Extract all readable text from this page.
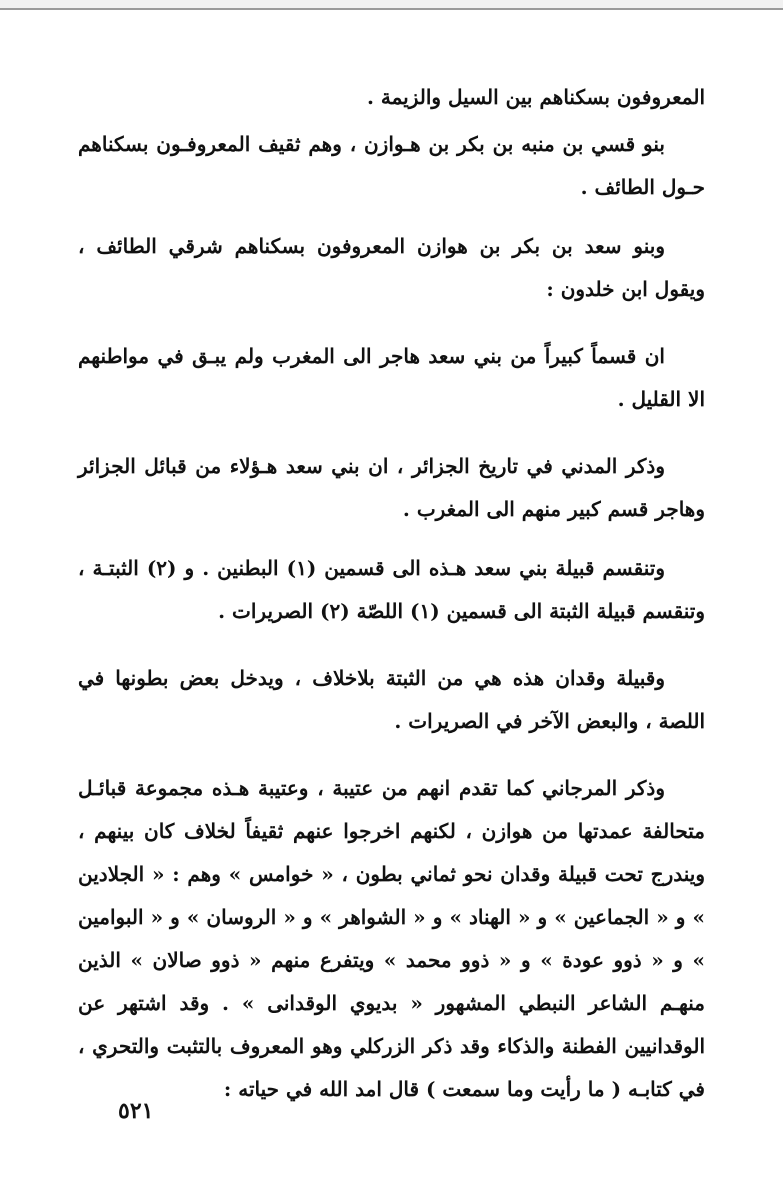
المعروفون بسكناهم بين السيل والزيمة .

بنو قسي بن منبه بن بكر بن هـوازن ، وهم ثقيف المعروفـون بسكناهم حـول الطائف .

وبنو سعد بن بكر بن هوازن المعروفون بسكناهم شرقي الطائف ، ويقول ابن خلدون :

ان قسماً كبيراً من بني سعد هاجر الى المغرب ولم يبـق في مواطنهم الا القليل .

وذكر المدني في تاريخ الجزائر ، ان بني سعد هـؤلاء من قبائل الجزائر وهاجر قسم كبير منهم الى المغرب .

وتنقسم قبيلة بني سعد هـذه الى قسمين (١) البطنين . و (٢) الثبتـة ، وتنقسم قبيلة الثبتة الى قسمين (١) اللصّة (٢) الصريرات .

وقبيلة وقدان هذه هي من الثبتة بلاخلاف ، ويدخل بعض بطونها في اللصة ، والبعض الآخر في الصريرات .

وذكر المرجاني كما تقدم انهم من عتيبة ، وعتيبة هـذه مجموعة قبائـل متحالفة عمدتها من هوازن ، لكنهم اخرجوا عنهم ثقيفاً لخلاف كان بينهم ، ويندرج تحت قبيلة وقدان نحو ثماني بطون ، « خوامس » وهم : « الجلادين » و « الجماعين » و « الهناد » و « الشواهر » و « الروسان » و « البوامين » و « ذوو عودة » و « ذوو محمد » ويتفرع منهم « ذوو صالان » الذين منهـم الشاعر النبطي المشهور « بديوي الوقدانى » . وقد اشتهر عن الوقدانيين الفطنة والذكاء وقد ذكر الزركلي وهو المعروف بالتثبت والتحري ، في كتابـه ( ما رأيت وما سمعت ) قال امد الله في حياته :

٥٢١
